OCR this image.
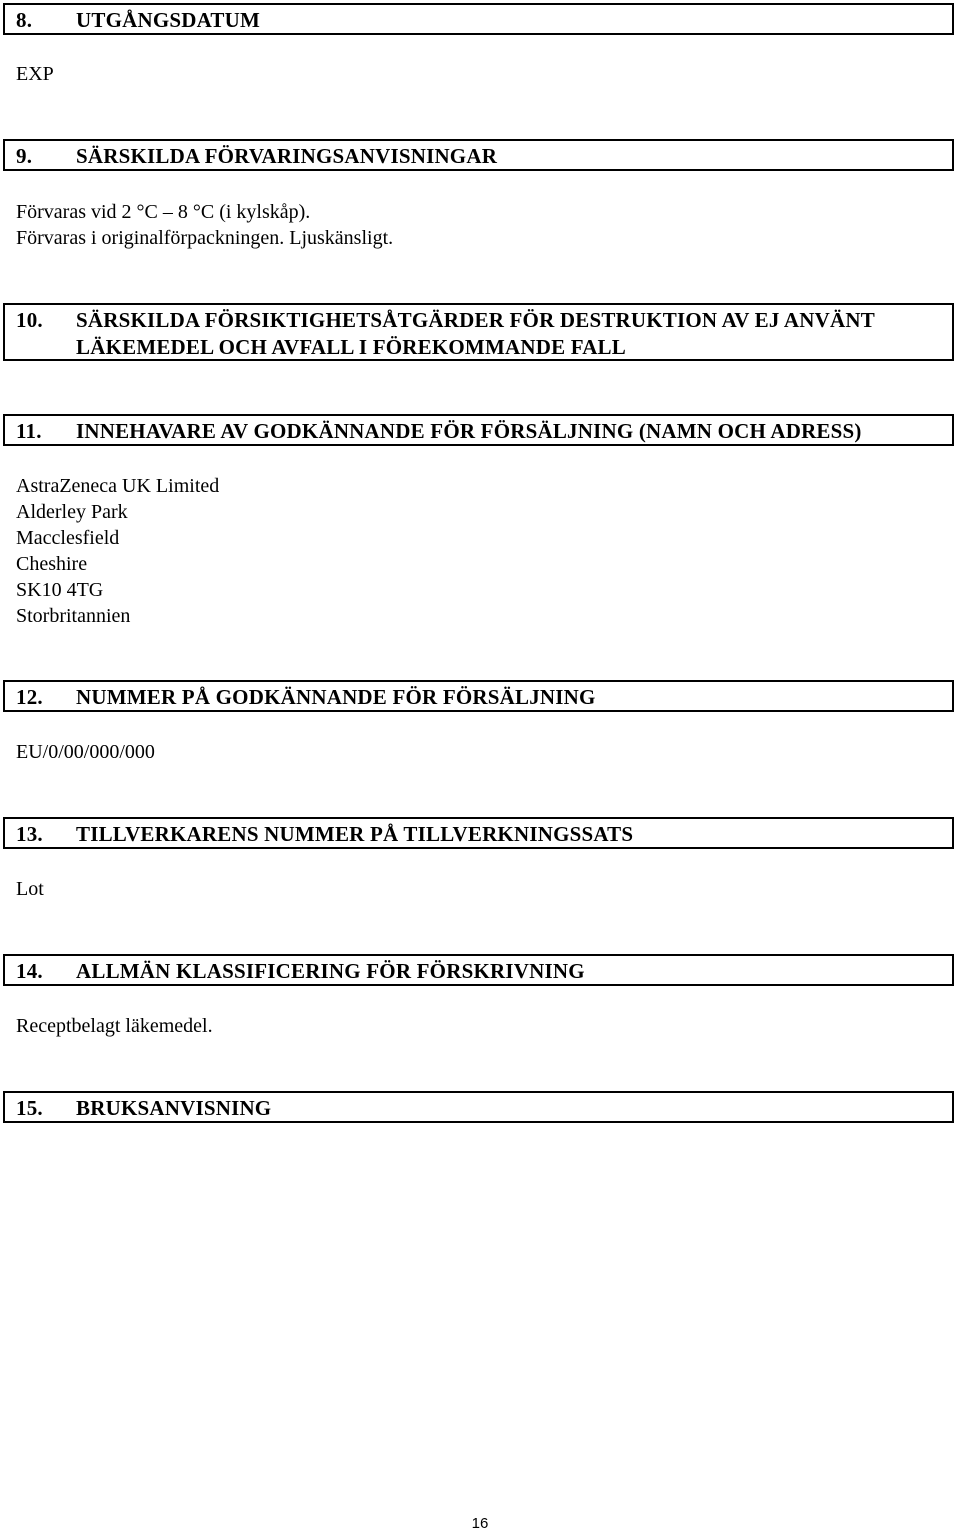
8. UTGÅNGSDATUM
EXP
9. SÄRSKILDA FÖRVARINGSANVISNINGAR
Förvaras vid 2 °C – 8 °C (i kylskåp).
Förvaras i originalförpackningen. Ljuskänsligt.
10. SÄRSKILDA FÖRSIKTIGHETSÅTGÄRDER FÖR DESTRUKTION AV EJ ANVÄNT LÄKEMEDEL OCH AVFALL I FÖREKOMMANDE FALL
11. INNEHAVARE AV GODKÄNNANDE FÖR FÖRSÄLJNING (NAMN OCH ADRESS)
AstraZeneca UK Limited
Alderley Park
Macclesfield
Cheshire
SK10 4TG
Storbritannien
12. NUMMER PÅ GODKÄNNANDE FÖR FÖRSÄLJNING
EU/0/00/000/000
13. TILLVERKARENS NUMMER PÅ TILLVERKNINGSSATS
Lot
14. ALLMÄN KLASSIFICERING FÖR FÖRSKRIVNING
Receptbelagt läkemedel.
15. BRUKSANVISNING
16
